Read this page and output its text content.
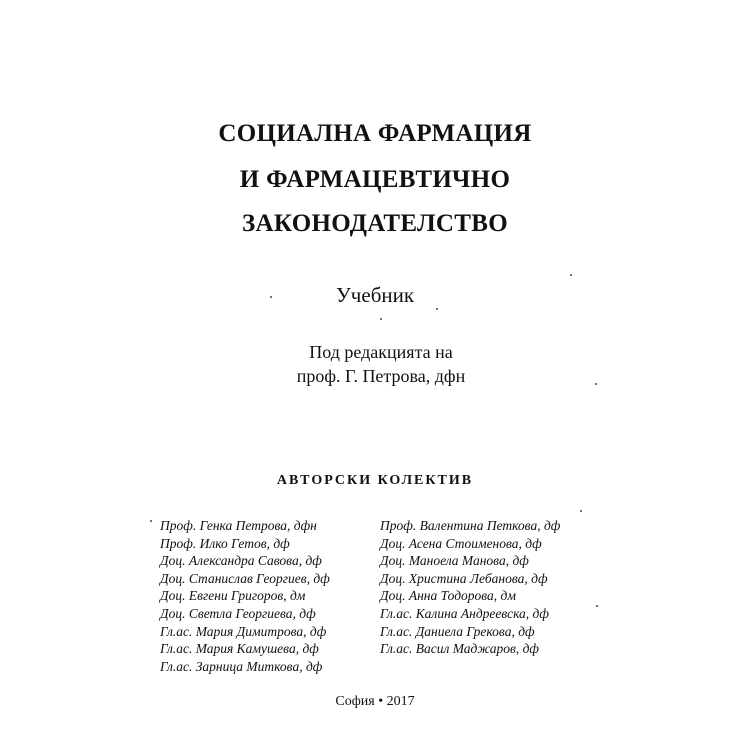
СОЦИАЛНА ФАРМАЦИЯ
И ФАРМАЦЕВТИЧНО
ЗАКОНОДАТЕЛСТВО
Учебник
Под редакцията на
проф. Г. Петрова, дфн
АВТОРСКИ КОЛЕКТИВ
Проф. Генка Петрова, дфн
Проф. Илко Гетов, дф
Доц. Александра Савова, дф
Доц. Станислав Георгиев, дф
Доц. Евгени Григоров, дм
Доц. Светла Георгиева, дф
Гл.ас. Мария Димитрова, дф
Гл.ас. Мария Камушева, дф
Гл.ас. Зарница Миткова, дф
Проф. Валентина Петкова, дф
Доц. Асена Стоименова, дф
Доц. Маноела Манова, дф
Доц. Христина Лебанова, дф
Доц. Анна Тодорова, дм
Гл.ас. Калина Андреевска, дф
Гл.ас. Даниела Грекова, дф
Гл.ас. Васил Маджаров, дф
София • 2017
